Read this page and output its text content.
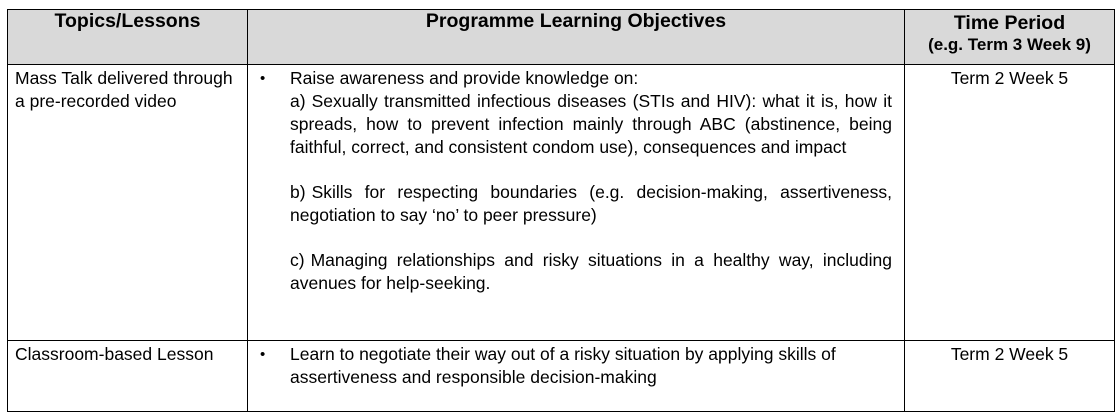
Topics/Lessons	Programme Learning Objectives	Time Period
(e.g. Term 3 Week 9)

Mass Talk delivered through a pre-recorded video	• Raise awareness and provide knowledge on:
a) Sexually transmitted infectious diseases (STIs and HIV): what it is, how it spreads, how to prevent infection mainly through ABC (abstinence, being faithful, correct, and consistent condom use), consequences and impact
b) Skills for respecting boundaries (e.g. decision-making, assertiveness, negotiation to say ‘no’ to peer pressure)
c) Managing relationships and risky situations in a healthy way, including avenues for help-seeking.	Term 2 Week 5
Classroom-based Lesson	• Learn to negotiate their way out of a risky situation by applying skills of assertiveness and responsible decision-making	Term 2 Week 5
